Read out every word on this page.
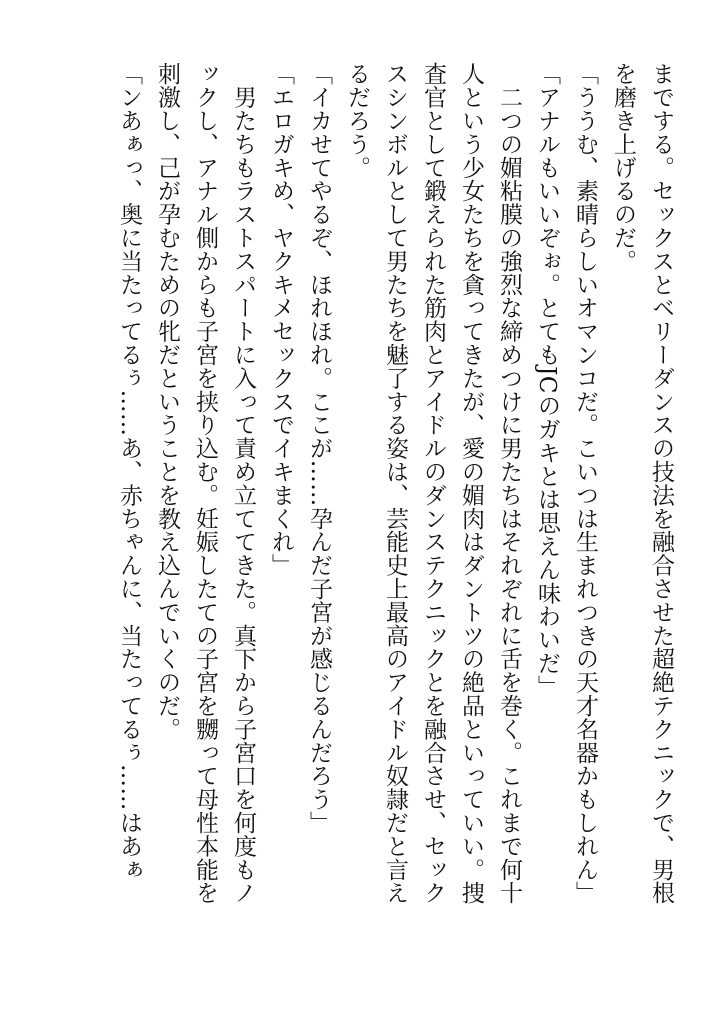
までする。セックスとベリーダンスの技法を融合させた超絶テクニックで、男根
を磨き上げるのだ。
「ううむ、素晴らしいオマンコだ。こいつは生まれつきの天才名器かもしれん」
「アナルもいいぞぉ。とてもJCのガキとは思えん味わいだ」
　二つの媚粘膜の強烈な締めつけに男たちはそれぞれに舌を巻く。これまで何十
人という少女たちを貪ってきたが、愛の媚肉はダントツの絶品といっていい。捜
査官として鍛えられた筋肉とアイドルのダンステクニックとを融合させ、セック
スシンボルとして男たちを魅了する姿は、芸能史上最高のアイドル奴隷だと言え
るだろう。
「イカせてやるぞ、ほれほれ。ここが……孕んだ子宮が感じるんだろう」
「エロガキめ、ヤクキメセックスでイキまくれ」
　男たちもラストスパートに入って責め立ててきた。真下から子宮口を何度もノ
ックし、アナル側からも子宮を挟り込む。妊娠したての子宮を嬲って母性本能を
刺激し、己が孕むための牝だということを教え込んでいくのだ。
「ンあぁっ、奥に当たってるぅ……あ、赤ちゃんに、当たってるぅ……はあぁ
